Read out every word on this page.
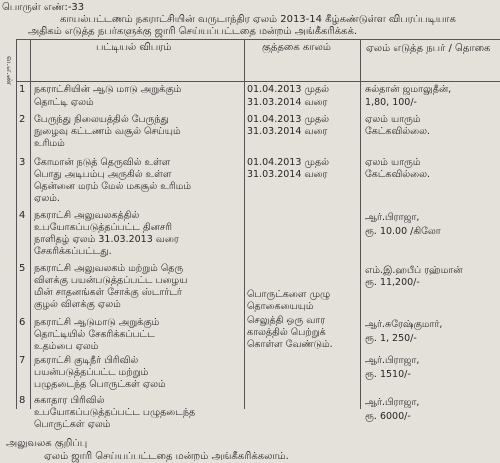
பொருள் எண்:-33
காயல்பட்டணம் நகராட்சியின் வருடாந்திர ஏலம் 2013-14 கீழ்கண்டுள்ள விபரப்படியாக
அதிகம் எடுத்த நபர்களுக்கு ஜாரி செய்யப்பட்டதை மன்றம் அங்கீகரிக்கக்.
வ.எ.ண்
பட்டியல் விபரம்	குத்தகை காலம்	ஏலம் எடுத்த நபர் / தொகை
1 நகராட்சியின் ஆடு மாடு அறுக்கும்
தொட்டி ஏலம்
01.04.2013 முதல்
31.03.2014 வரை
சுல்தான் ஜமாலுதீன்,
1,80, 100/-
2 பேருந்து நிலையத்தில் பேருந்து
நுழைவு கட்டணம் வசூல் செய்யும்
உரிமம்
01.04.2013 முதல்
31.03.2014 வரை
ஏலம் யாரும்
கேட்கவில்லை.
3 கோமான் நடுத் தெருவில் உள்ள
பொது அடிபம்பு அருகில் உள்ள
தென்னை மரம் மேல் மகசூல் உரிமம்
ஏலம்.
01.04.2013 முதல்
31.03.2014 வரை
ஏலம் யாரும்
கேட்கவில்லை.
4 நகராட்சி அலுவலகத்தில்
உபயோகப்படுத்தப்பட்ட தினசரி
நாளிதழ் ஏலம் 31.03.2013 வரை
சேகரிக்கப்பட்டது.
ஆர்.பிராஜா,
ரூ. 10.00 /கிலோ
5 நகராட்சி அலுவலகம் மற்றும் தெரு
விளக்கு பயன்படுத்தப்பட்ட பழைய
மின் சாதனங்கள் சோக்கு ஸ்டார்டர்
குழல் விளக்கு ஏலம்
பொருட்களை முழு
தொகையையும்
எம்.இ.ஹபீப் ரஹ்மான்
ரூ. 11,200/-
6 நகராட்சி ஆடுமாடு அறுக்கும்
தொட்டியில் சேகரிக்கப்பட்ட
உதம்பை ஏலம்
செலுத்தி ஒரு வார
காலத்தில் பெற்றுக்
கொள்ள வேண்டும்.
ஆர்.சுரேஷ்குமார்,
ரூ. 1, 250/-
7 நகராட்சி குடிநீர் பிரிவில்
பயன்படுத்தப்பட்ட மற்றும்
பழுதடைந்த பொருட்கள் ஏலம்
ஆர்.பிராஜா,
ரூ. 1510/-
8 சுகாதார பிரிவில்
உபயோகப்படுத்தப்பட்ட பழுதடைந்த
பொருட்கள் ஏலம்
ஆர்.பிராஜா,
ரூ. 6000/-
அலுவலக குறிப்பு
ஏலம் ஜாரி செய்யப்பட்டதை மன்றம் அங்கீகரிக்கலாம்.
